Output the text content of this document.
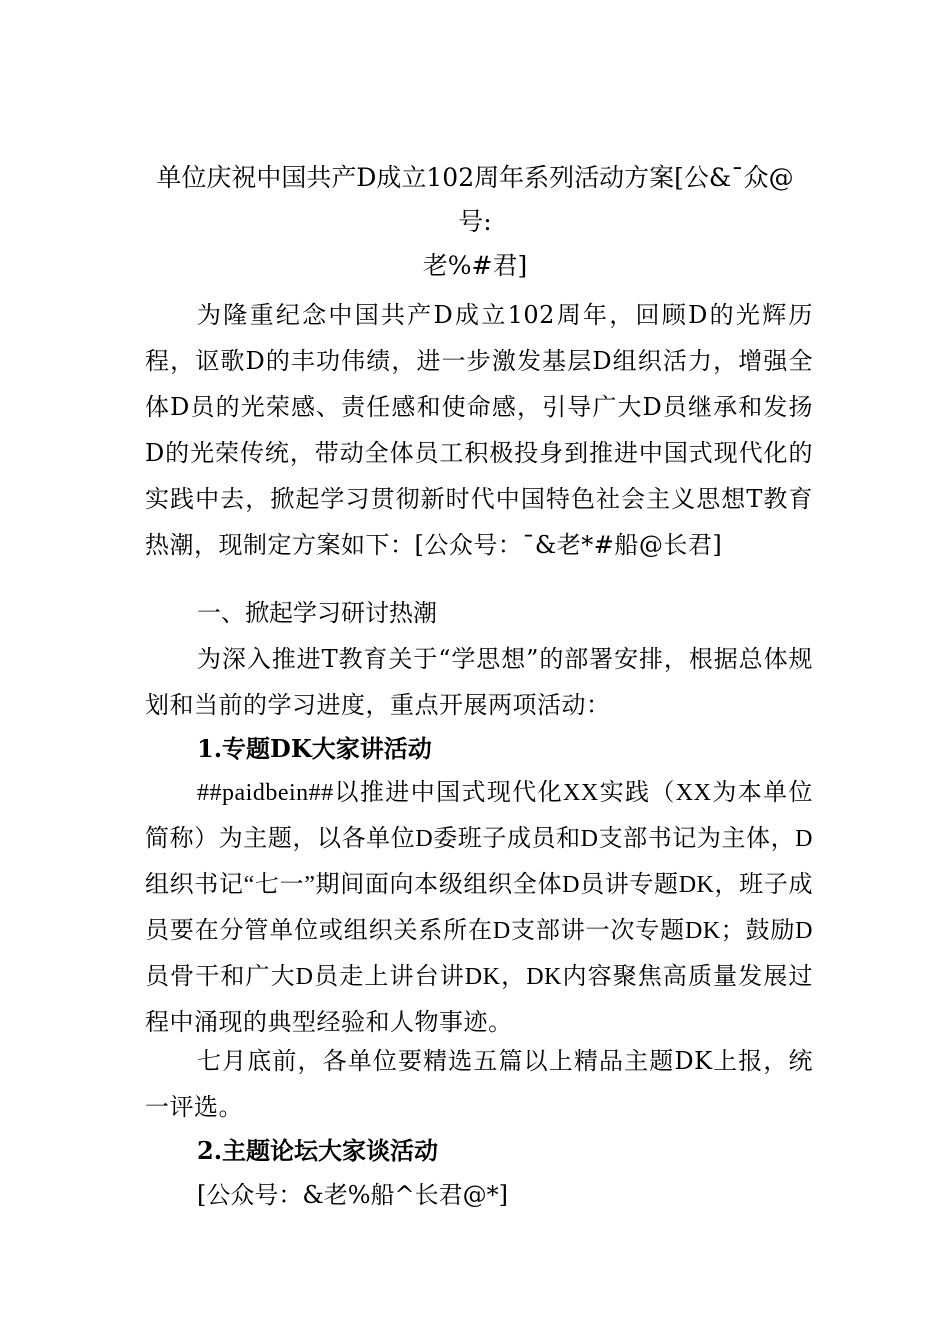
单位庆祝中国共产D成立102周年系列活动方案[公&¯众@号:
老%#君]
为隆重纪念中国共产D成立102周年，回顾D的光辉历程，讴歌D的丰功伟绩，进一步激发基层D组织活力，增强全体D员的光荣感、责任感和使命感，引导广大D员继承和发扬D的光荣传统，带动全体员工积极投身到推进中国式现代化的实践中去，掀起学习贯彻新时代中国特色社会主义思想T教育热潮，现制定方案如下：[公众号：¯&老*#船@长君]
一、掀起学习研讨热潮
为深入推进T教育关于“学思想”的部署安排，根据总体规划和当前的学习进度，重点开展两项活动：
1.专题DK大家讲活动
##paidbein##以推进中国式现代化XX实践（XX为本单位简称）为主题，以各单位D委班子成员和D支部书记为主体，D组织书记“七一”期间面向本级组织全体D员讲专题DK，班子成员要在分管单位或组织关系所在D支部讲一次专题DK；鼓励D员骨干和广大D员走上讲台讲DK，DK内容聚焦高质量发展过程中涌现的典型经验和人物事迹。
七月底前，各单位要精选五篇以上精品主题DK上报，统一评选。
2.主题论坛大家谈活动
[公众号：&老%船^长君@*]
